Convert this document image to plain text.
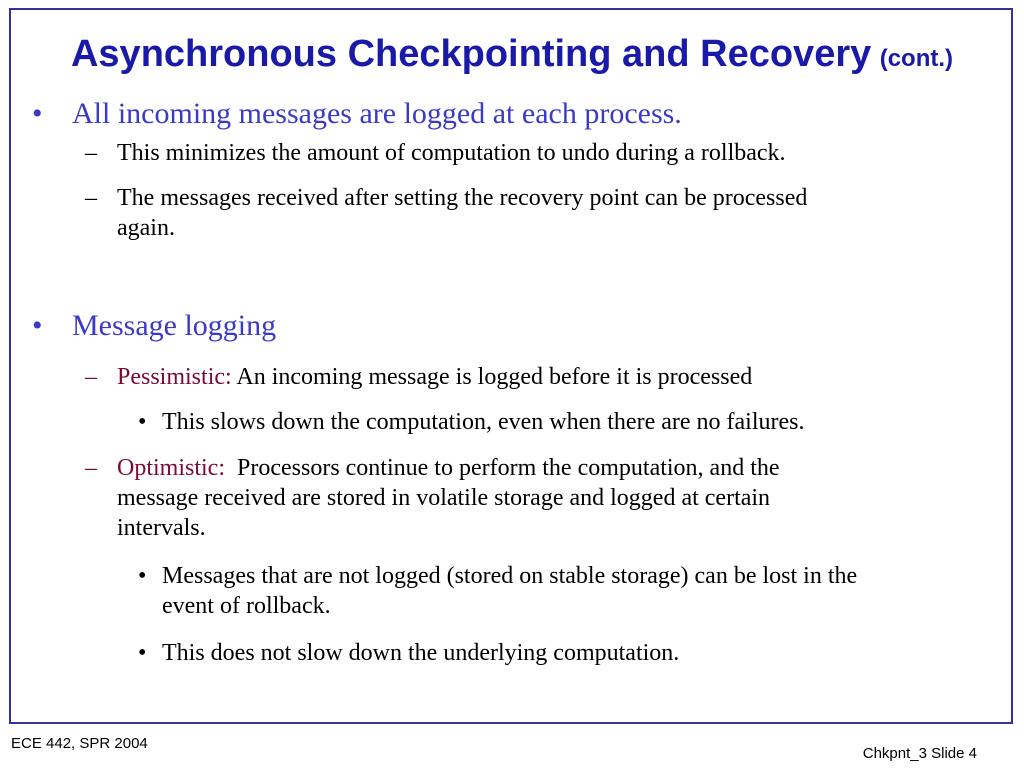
Asynchronous Checkpointing and Recovery (cont.)
• All incoming messages are logged at each process.
– This minimizes the amount of computation to undo during a rollback.
– The messages received after setting the recovery point can be processed
again.
• Message logging
– Pessimistic: An incoming message is logged before it is processed
• This slows down the computation, even when there are no failures.
– Optimistic: Processors continue to perform the computation, and the
message received are stored in volatile storage and logged at certain
intervals.
• Messages that are not logged (stored on stable storage) can be lost in the
event of rollback.
• This does not slow down the underlying computation.
ECE 442, SPR 2004
Chkpnt_3 Slide 4
